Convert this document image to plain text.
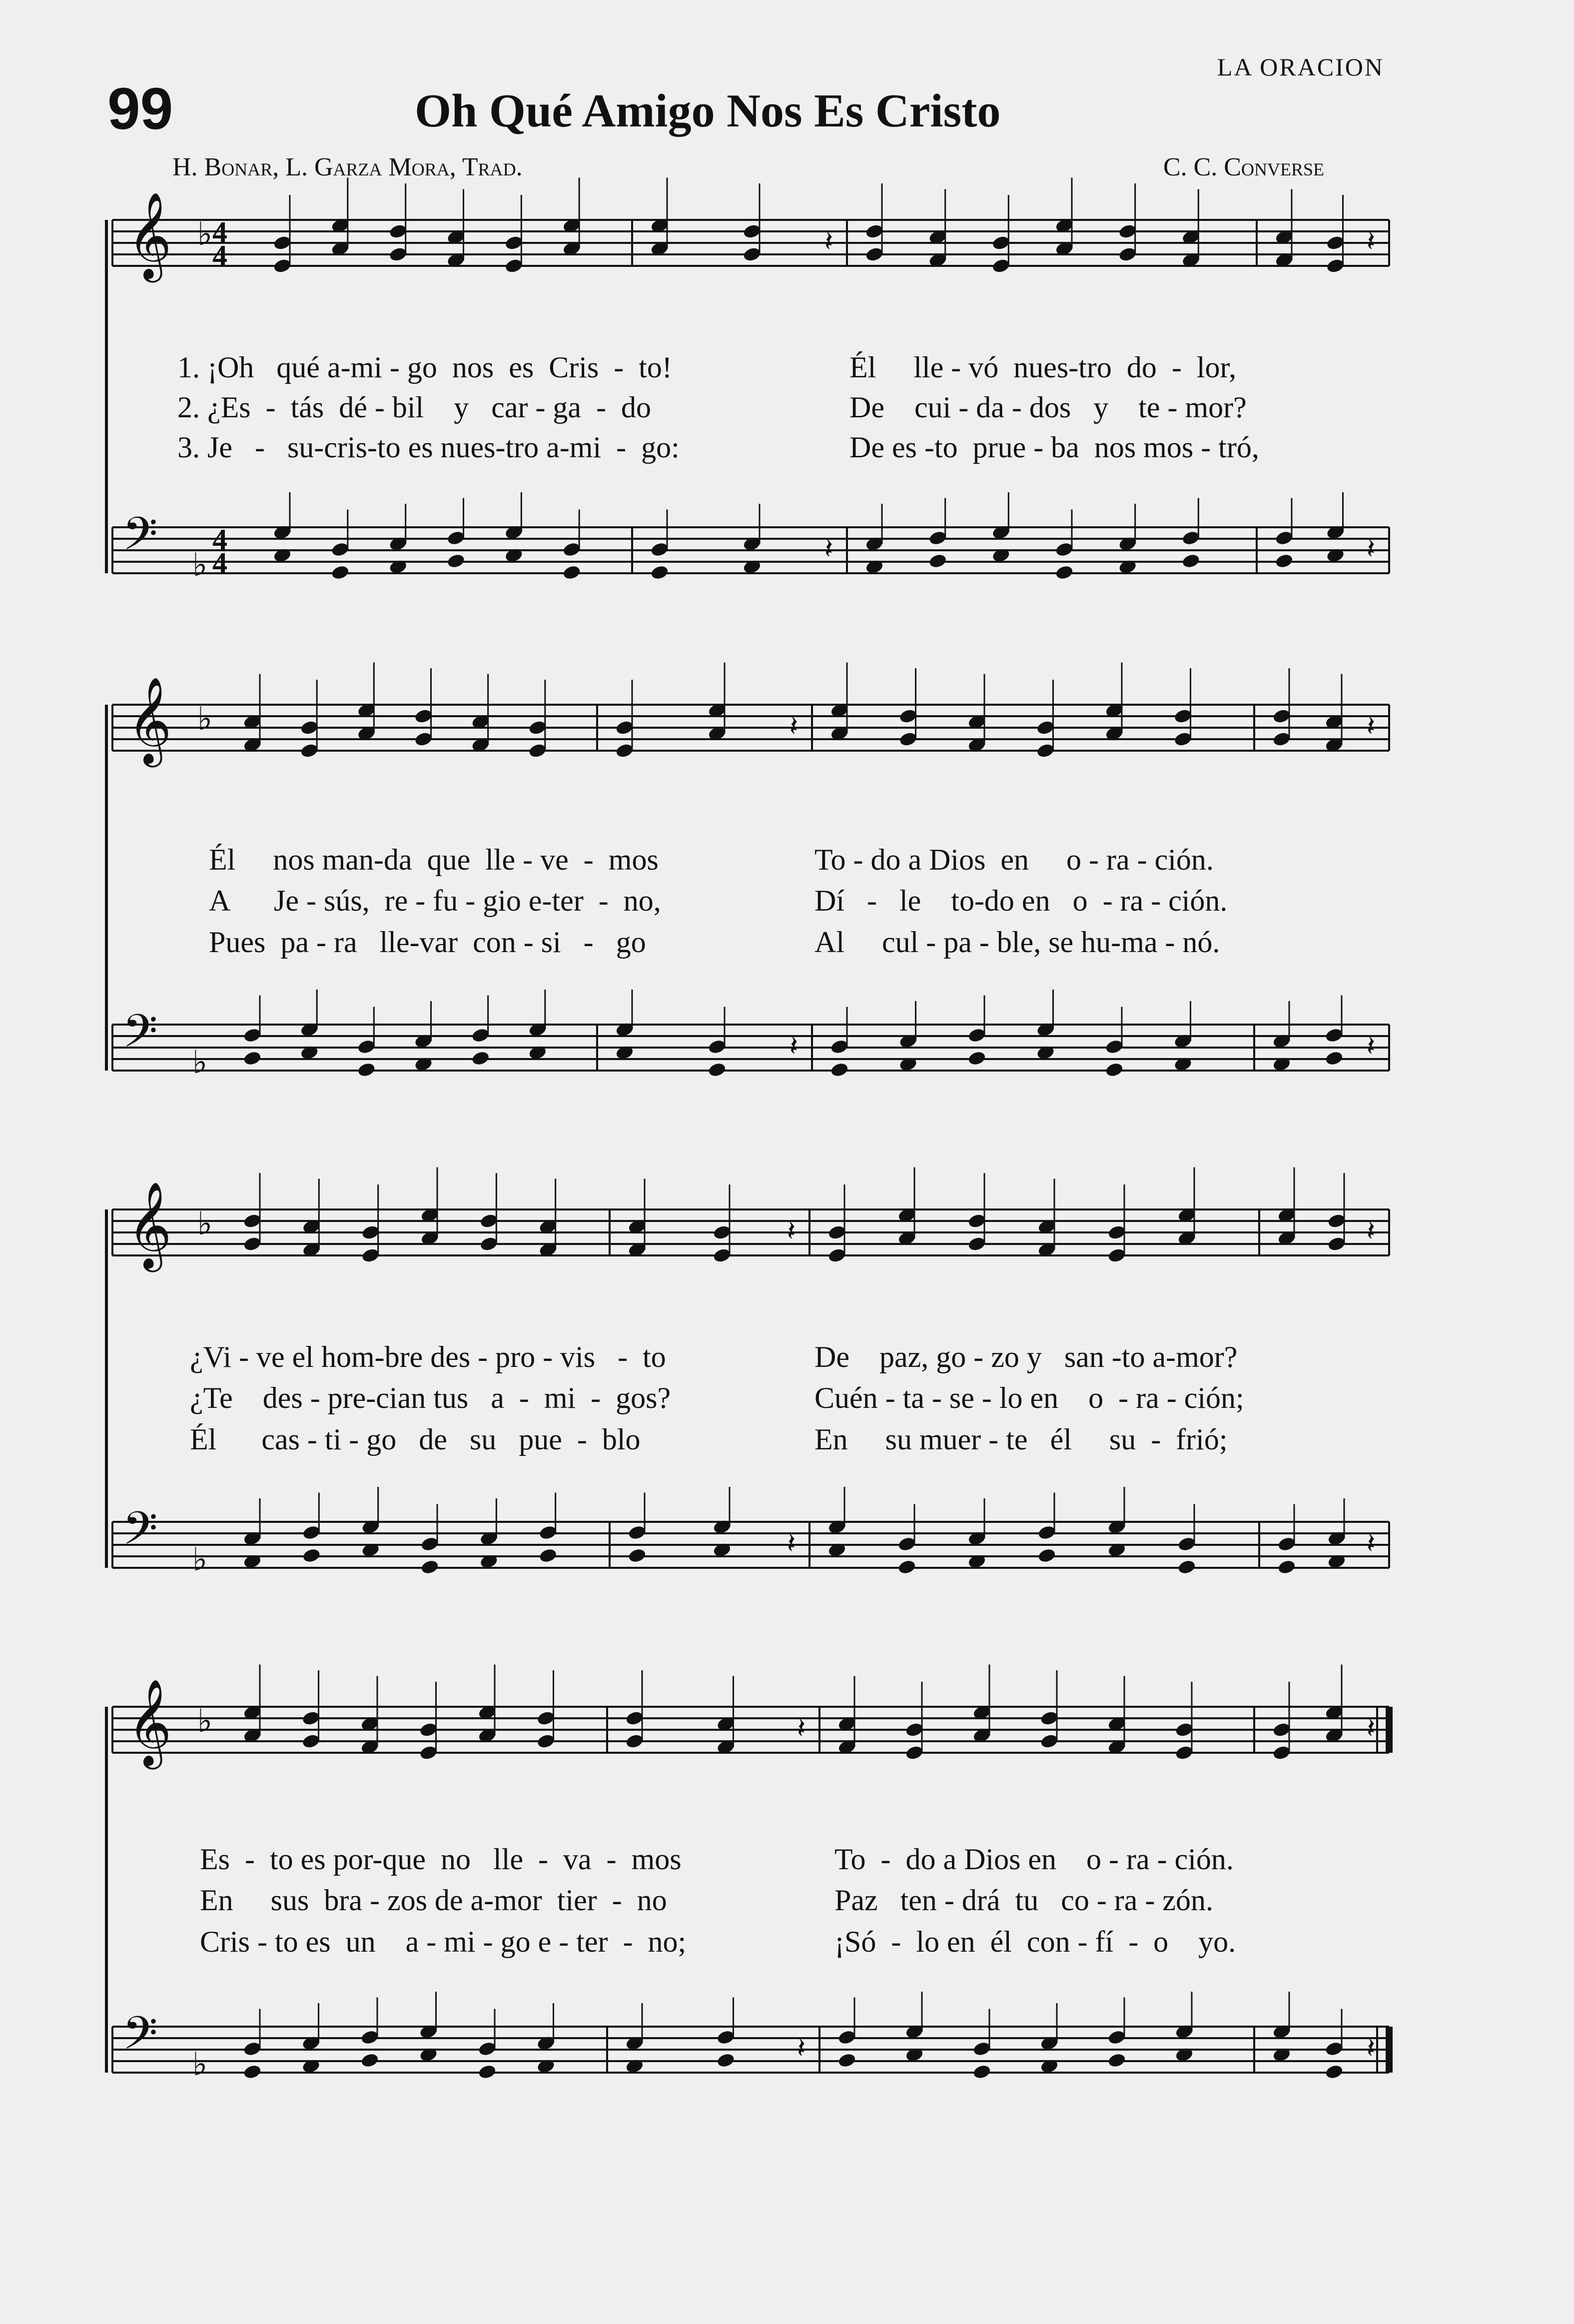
99	Oh Qué Amigo Nos Es Cristo
LA ORACION
H. Bonar, L. Garza Mora, Trad.	C. C. Converse
𝄞
𝄢
♭
♭
4
4
4
4
𝄽
𝄽
𝄽
𝄽
𝄞
𝄢
♭
♭
𝄽
𝄽
𝄽
𝄽
𝄞
𝄢
♭
♭
𝄽
𝄽
𝄽
𝄽
𝄞
𝄢
♭
♭
𝄽
𝄽
𝄽
𝄽
1. ¡Oh   qué a-mi - go  nos  es  Cris  -  to!	Él     lle - vó  nues-tro  do  -  lor,
2. ¿Es  -  tás  dé - bil    y   car - ga  -  do	De    cui - da - dos   y    te - mor?
3. Je   -   su-cris-to es nues-tro a-mi  -  go:	De es -to  prue - ba  nos mos - tró,
Él     nos man-da  que  lle - ve  -  mos	To - do a Dios  en     o - ra - ción.
A      Je - sús,  re - fu - gio e-ter  -  no,	Dí   -   le    to-do en   o  - ra - ción.
Pues  pa - ra   lle-var  con - si   -   go	Al     cul - pa - ble, se hu-ma - nó.
¿Vi - ve el hom-bre des - pro - vis   -  to	De    paz, go - zo y   san -to a-mor?
¿Te    des - pre-cian tus   a  -  mi  -  gos?	Cuén - ta - se - lo en    o  - ra - ción;
Él      cas - ti - go   de   su   pue  -  blo	En     su muer - te   él     su  -  frió;
Es  -  to es por-que  no   lle  -  va  -  mos	To  -  do a Dios en    o - ra - ción.
En     sus  bra - zos de a-mor  tier  -  no	Paz   ten - drá  tu   co - ra - zón.
Cris - to es  un    a - mi - go e - ter  -  no;	¡Só  -  lo en  él  con - fí  -  o    yo.
